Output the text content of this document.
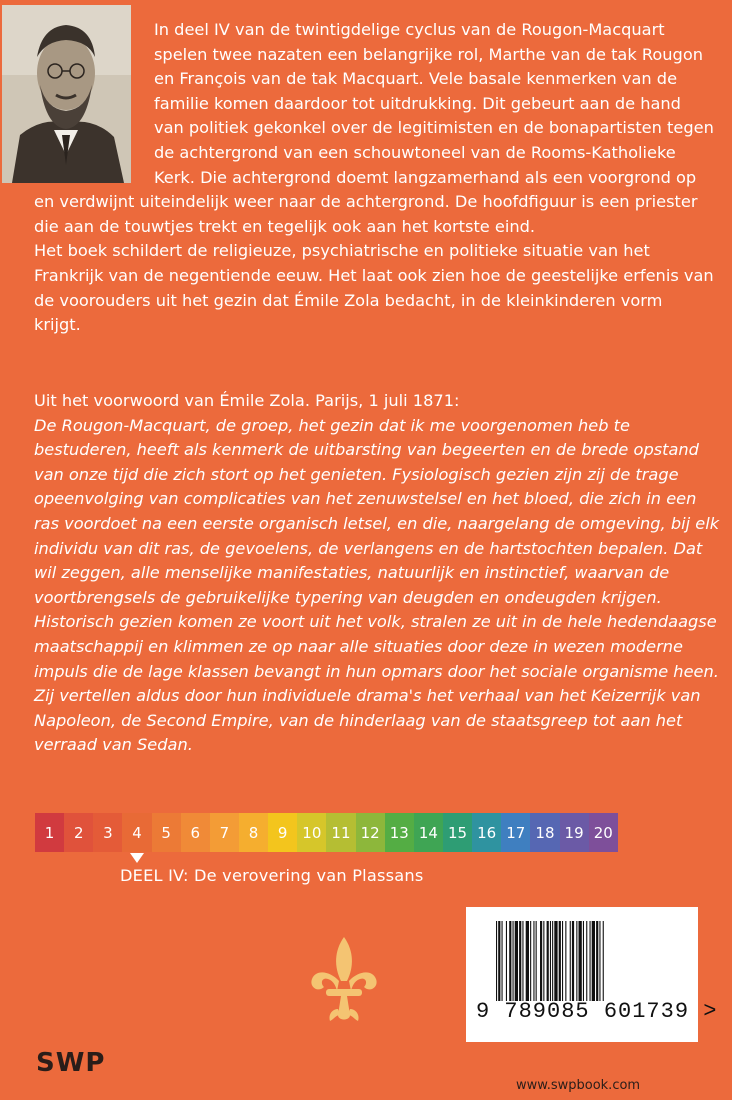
In deel IV van de twintigdelige cyclus van de Rougon-Macquart spelen twee nazaten een belangrijke rol, Marthe van de tak Rougon en François van de tak Macquart. Vele basale kenmerken van de familie komen daardoor tot uitdrukking. Dit gebeurt aan de hand van politiek gekonkel over de legitimisten en de bonapartisten tegen de achtergrond van een schouwtoneel van de Rooms-Katholieke Kerk. Die achtergrond doemt langzamerhand als een voorgrond op en verdwijnt uiteindelijk weer naar de achtergrond. De hoofdfiguur is een priester die aan de touwtjes trekt en tegelijk ook aan het kortste eind.
Het boek schildert de religieuze, psychiatrische en politieke situatie van het Frankrijk van de negentiende eeuw. Het laat ook zien hoe de geestelijke erfenis van de voorouders uit het gezin dat Émile Zola bedacht, in de kleinkinderen vorm krijgt.

Uit het voorwoord van Émile Zola. Parijs, 1 juli 1871:
De Rougon-Macquart, de groep, het gezin dat ik me voorgenomen heb te bestuderen, heeft als kenmerk de uitbarsting van begeerten en de brede opstand van onze tijd die zich stort op het genieten. Fysiologisch gezien zijn zij de trage opeenvolging van complicaties van het zenuwstelsel en het bloed, die zich in een ras voordoet na een eerste organisch letsel, en die, naargelang de omgeving, bij elk individu van dit ras, de gevoelens, de verlangens en de hartstochten bepalen. Dat wil zeggen, alle menselijke manifestaties, natuurlijk en instinctief, waarvan de voortbrengsels de gebruikelijke typering van deugden en ondeugden krijgen. Historisch gezien komen ze voort uit het volk, stralen ze uit in de hele hedendaagse maatschappij en klimmen ze op naar alle situaties door deze in wezen moderne impuls die de lage klassen bevangt in hun opmars door het sociale organisme heen. Zij vertellen aldus door hun individuele drama's het verhaal van het Keizerrijk van Napoleon, de Second Empire, van de hinderlaag van de staatsgreep tot aan het verraad van Sedan.

1	2	3	4	5	6	7	8	9 10 11 12 13 14 15 16 17 18 19 20
DEEL IV: De verovering van Plassans
SWP
9 789085 601739 >
www.swpbook.com
